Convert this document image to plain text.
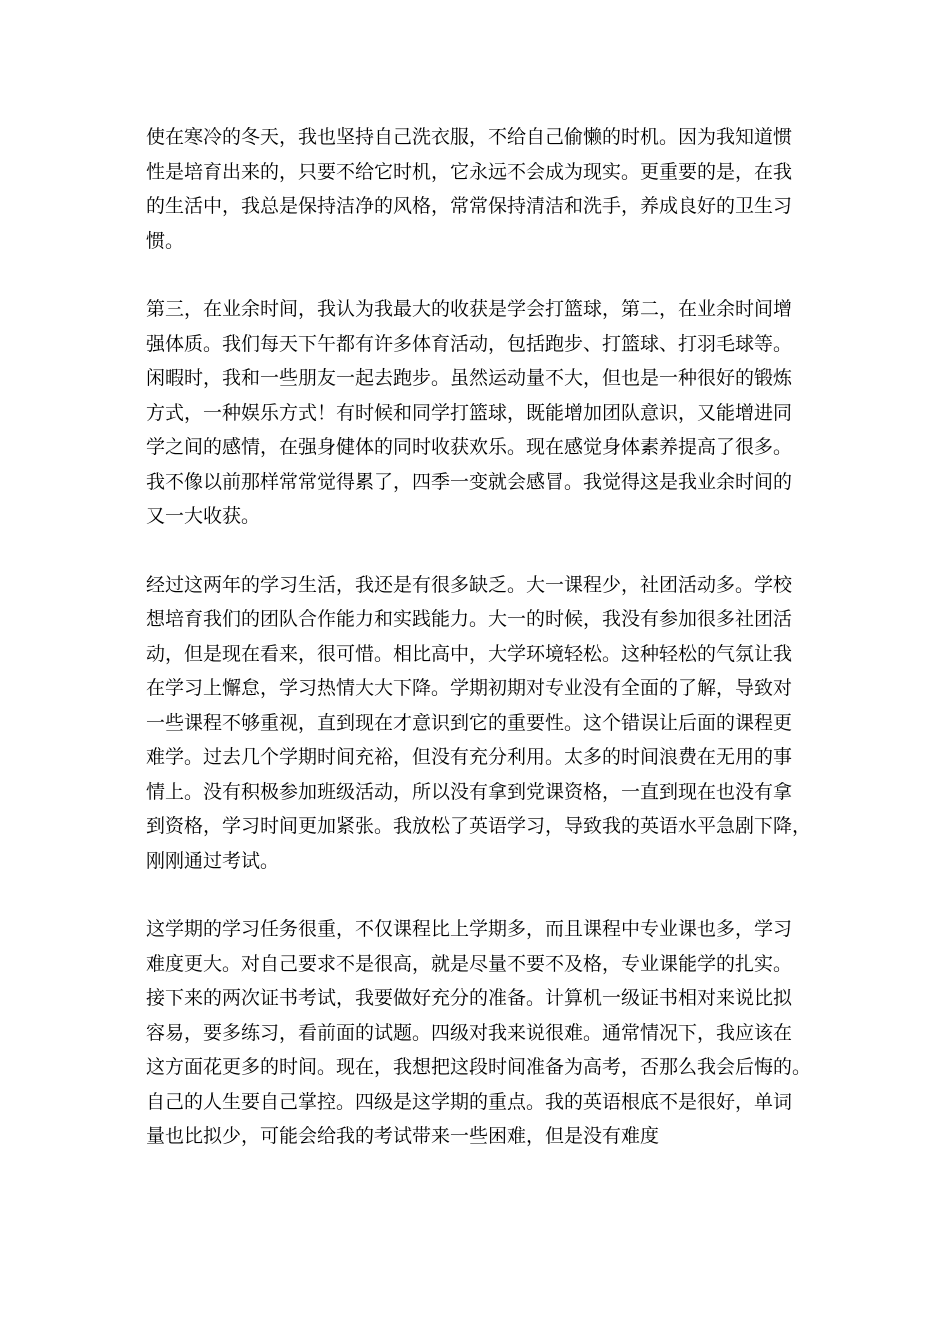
使在寒冷的冬天，我也坚持自己洗衣服，不给自己偷懒的时机。因为我知道惯
性是培育出来的，只要不给它时机，它永远不会成为现实。更重要的是，在我
的生活中，我总是保持洁净的风格，常常保持清洁和洗手，养成良好的卫生习
惯。

第三，在业余时间，我认为我最大的收获是学会打篮球，第二，在业余时间增
强体质。我们每天下午都有许多体育活动，包括跑步、打篮球、打羽毛球等。
闲暇时，我和一些朋友一起去跑步。虽然运动量不大，但也是一种很好的锻炼
方式，一种娱乐方式！有时候和同学打篮球，既能增加团队意识，又能增进同
学之间的感情，在强身健体的同时收获欢乐。现在感觉身体素养提高了很多。
我不像以前那样常常觉得累了，四季一变就会感冒。我觉得这是我业余时间的
又一大收获。

经过这两年的学习生活，我还是有很多缺乏。大一课程少，社团活动多。学校
想培育我们的团队合作能力和实践能力。大一的时候，我没有参加很多社团活
动，但是现在看来，很可惜。相比高中，大学环境轻松。这种轻松的气氛让我
在学习上懈怠，学习热情大大下降。学期初期对专业没有全面的了解，导致对
一些课程不够重视，直到现在才意识到它的重要性。这个错误让后面的课程更
难学。过去几个学期时间充裕，但没有充分利用。太多的时间浪费在无用的事
情上。没有积极参加班级活动，所以没有拿到党课资格，一直到现在也没有拿
到资格，学习时间更加紧张。我放松了英语学习，导致我的英语水平急剧下降，
刚刚通过考试。

这学期的学习任务很重，不仅课程比上学期多，而且课程中专业课也多，学习
难度更大。对自己要求不是很高，就是尽量不要不及格，专业课能学的扎实。
接下来的两次证书考试，我要做好充分的准备。计算机一级证书相对来说比拟
容易，要多练习，看前面的试题。四级对我来说很难。通常情况下，我应该在
这方面花更多的时间。现在，我想把这段时间准备为高考，否那么我会后悔的。
自己的人生要自己掌控。四级是这学期的重点。我的英语根底不是很好，单词
量也比拟少，可能会给我的考试带来一些困难，但是没有难度
